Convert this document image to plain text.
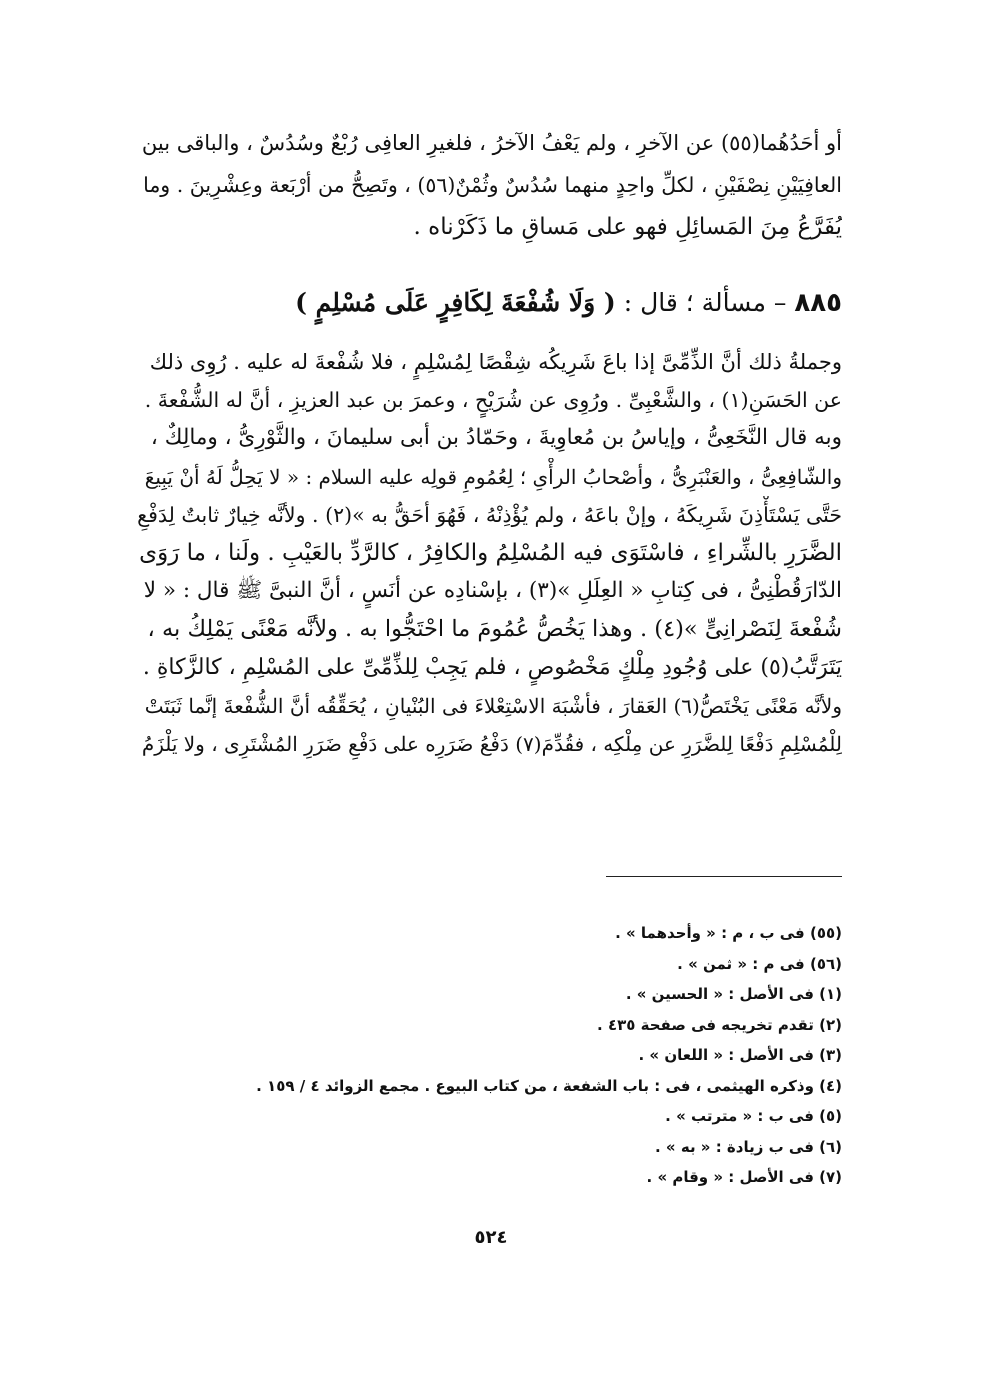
أو أحَدُهُما(٥٥) عن الآخرِ ، ولم يَعْفُ الآخرُ ، فلغيرِ العافِى رُبْعٌ وسُدُسٌ ، والباقى بين
العافِيَيْنِ نِصْفَيْنِ ، لكلِّ واحِدٍ منهما سُدُسٌ وثُمْنٌ(٥٦) ، وتَصِحُّ من أرْبَعة وعِشْرِينَ . وما
يُفَرَّعُ مِنَ المَسائِلِ فهو على مَساقِ ما ذَكَرْناه .
٨٨٥ – مسألة ؛ قال : ( وَلَا شُفْعَةَ لِكَافِرٍ عَلَى مُسْلِمٍ )
وجملةُ ذلك أنَّ الذِّمِّىَّ إذا باعَ شَرِيكُه شِقْصًا لِمُسْلِمٍ ، فلا شُفْعةَ له عليه . رُوِى ذلك
عن الحَسَنِ(١) ، والشَّعْبِىِّ . ورُوِى عن شُرَيْحٍ ، وعمرَ بن عبد العزيزِ ، أنَّ له الشُّفْعةَ .
وبه قال النَّخَعِىُّ ، وإياسُ بن مُعاوِيةَ ، وحَمّادُ بن أبى سليمانَ ، والثَّوْرِىُّ ، ومالِكٌ ،
والشّافِعِىُّ ، والعَنْبَرِىُّ ، وأصْحابُ الرأْىِ ؛ لِعُمُومِ قولِه عليه السلام : « لا يَحِلُّ لَهُ أنْ يَبِيعَ
حَتَّى يَسْتَأْذِنَ شَرِيكَهُ ، وإنْ باعَهُ ، ولم يُؤْذِنْهُ ، فَهُوَ أحَقُّ به »(٢) . ولأنَّه خِيارٌ ثابتٌ لِدَفْعِ
الضَّرَرِ بالشِّراءِ ، فاسْتَوَى فيه المُسْلِمُ والكافِرُ ، كالرَّدِّ بالعَيْبِ . ولَنا ، ما رَوَى
الدّارَقُطْنِىُّ ، فى كِتابِ « العِلَلِ »(٣) ، بإسْنادِه عن أنَسٍ ، أنَّ النبىَّ ﷺ قال : « لا
شُفْعةَ لِنَصْرانِىٍّ »(٤) . وهذا يَخُصُّ عُمُومَ ما احْتَجُّوا به . ولأنَّه مَعْنًى يَمْلِكُ به ،
يَتَرَتَّبُ(٥) على وُجُودِ مِلْكٍ مَخْصُوصٍ ، فلم يَجِبْ لِلذِّمِّىِّ على المُسْلِمِ ، كالزَّكاةِ .
ولأنَّه مَعْنًى يَخْتَصُّ(٦) العَقارَ ، فأشْبَهَ الاسْتِعْلاءَ فى البُنْيانِ ، يُحَقِّقُه أنَّ الشُّفْعةَ إنَّما ثَبَتَتْ
لِلْمُسْلِمِ دَفْعًا لِلضَّرَرِ عن مِلْكِه ، فقُدِّمَ(٧) دَفْعُ ضَرَرِه على دَفْعِ ضَرَرِ المُشْتَرِى ، ولا يَلْزَمُ
(٥٥) فى ب ، م : « وأحدهما » .
(٥٦) فى م : « ثمن » .
(١) فى الأصل : « الحسين » .
(٢) تقدم تخريجه فى صفحة ٤٣٥ .
(٣) فى الأصل : « اللعان » .
(٤) وذكره الهيثمى ، فى : باب الشفعة ، من كتاب البيوع . مجمع الزوائد ٤ / ١٥٩ .
(٥) فى ب : « مترتب » .
(٦) فى ب زيادة : « به » .
(٧) فى الأصل : « وقام » .
٥٢٤
